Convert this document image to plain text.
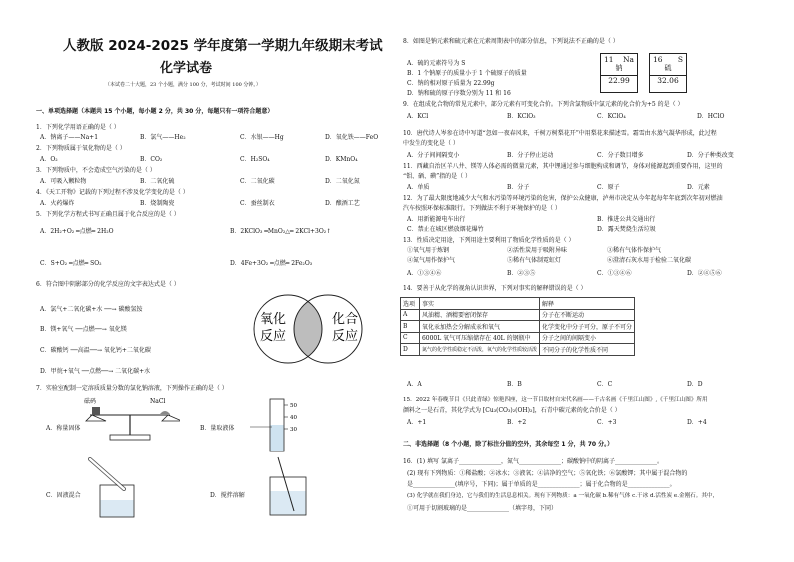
人教版 2024-2025 学年度第一学期九年级期末考试
化学试卷
（本试卷二十大题，23 个小题，满分 100 分，考试时间 100 分钟。）
一、单项选择题（本题共 15 个小题，每小题 2 分，共 30 分，每题只有一项符合题意）
1．下列化学用语正确的是（ ）
A．钠离子——Na+1	B．氯气——He₂	C．水银——Hg	D．氧化铁——FeO
2．下列物质属于氧化物的是（ ）
A．O₂	B．CO₂	C．H₂SO₄	D．KMnO₄
3．下列物质中，不会造成空气污染的是（ ）
A．可吸入颗粒物	B．二氧化硫	C．二氧化碳	D．二氧化氮
4．《天工开物》记载的下列过程不涉及化学变化的是（ ）
A．火药爆炸	B．烧制陶瓷	C．蚕丝制衣	D．酿酒工艺
5．下列化学方程式书写正确且属于化合反应的是（ ）
A．2H₂+O₂ ═点燃═ 2H₂O	B．2KClO₃ ═MnO₂△═ 2KCl+3O₂↑
C．S+O₂ ═点燃═ SO₂	D．4Fe+3O₂ ═点燃═ 2Fe₂O₃
6．符合图中阴影部分的化学反应的文字表达式是（ ）
A．氯气+二氧化碳+水 ──→ 碳酸氢铵
B．镁+氧气 ──点燃──→ 氧化镁
C．碳酸钙 ──高温──→ 氧化钙+二氧化碳
D．甲烷+氧气 ──点燃──→ 二氧化碳+水
氧化
反应
化合
反应
7．实验室配制一定溶质质量分数的氯化钠溶液，下列操作正确的是（ ）
砝码	NaCl
A．称量固体
50
40
30
B．量取液体
C．固液混合	D．搅拌溶解
8．如图是钠元素和硫元素在元素周期表中的部分信息，下列说法不正确的是（ ）
A．硫的元素符号为 S
B．1 个钠原子的质量小于 1 个硫原子的质量
C．钠的相对原子质量为 22.99g
D．钠和硫的原子序数分别为 11 和 16
11 Na
钠
22.99
16 S
硫
32.06
9．在组成化合物的常见元素中，部分元素有可变化合价。下列含氯物质中氯元素的化合价为+5 的是（ ）
A．KCl	B．KClO₃	C．KClO₄	D．HClO
10．唐代诗人岑参在诗中写道“忽如一夜春风来，千树万树梨花开”中用梨花来描述雪。霜雪由水蒸气凝华形成，此过程
中发生的变化是（ ）
A．分子间间隔变小	B．分子停止运动	C．分子数目增多	D．分子种类改变
11．西藏自治区羊八井、镁等人体必需的微量元素，其中锂通过参与细胞构成和调节，身体对能源起到重要作用，这里的
“钼、硒、碘”指的是（ ）
A．单质	B．分子	C．原子	D．元素
12．为了最大限度地减少大气和水污染等环境污染的危害，保护公众健康，泸州市决定从今年起每年年底到次年初对燃油
汽车按照环保标准限行。下列做法不利于环境保护的是（ ）
A．用新能源电车出行	B．推进公共交通出行
C．禁止在城区燃放烟花爆竹	D．露天焚烧生活垃圾
13．性质决定用途，下列用途主要利用了物质化学性质的是（ ）
①氧气用于炼钢	②活性炭用于吸附异味	③稀有气体作保护气
④氮气用作保护气	⑤稀有气体制霓虹灯	⑥澄清石灰水用于检验二氧化碳
A．①③④⑥	B．②③⑤	C．①③④⑥	D．②④⑤⑥
14．要善于从化学的视角认识世界，下列对事实的解释错误的是（ ）
选项	事实	解释
A	风油精、酒精要密闭保存	分子在不断运动
B	氧化汞加热会分解成汞和氧气	化学变化中分子可分，原子不可分
C	6000L 氧气可压缩储存在 40L 的钢瓶中	分子之间的间隔变小
D	氮气的化学性质稳定不活泼，氧气的化学性质较活泼	不同分子的化学性质不同
A．A	B．B	C．C	D．D
15．2022 年春晚节目《只此青绿》惊艳四座，这一节目取材自宋代名画——千古名画《千里江山图》,《千里江山图》所用
颜料之一是石青，其化学式为 [Cu₃(CO₃)₂(OH)₂]，石青中碳元素的化合价是（ ）
A．+1	B．+2	C．+3	D．+4
二、非选择题（8 个小题，除了标注分值的空外，其余每空 1 分，共 70 分。）
16．(1) 填写 氯离子______________，氮气______________；碳酸钠中的阴离子______________。
(2) 现有下列物质：①稀盐酸；②冰水；③液氧；④洁净的空气；⑤氧化铁；⑥氯酸钾；其中属于混合物的
是______________(填序号，下同)；属于单质的是______________；属于化合物的是______________。
(3) 化学就在我们身边，它与我们的生活息息相关。现有下列物质：a 一氧化碳 b.稀有气体 c.干冰 d.活性炭 e.金刚石。其中，
①可用于切割玻璃的是______________（填字母，下同）
